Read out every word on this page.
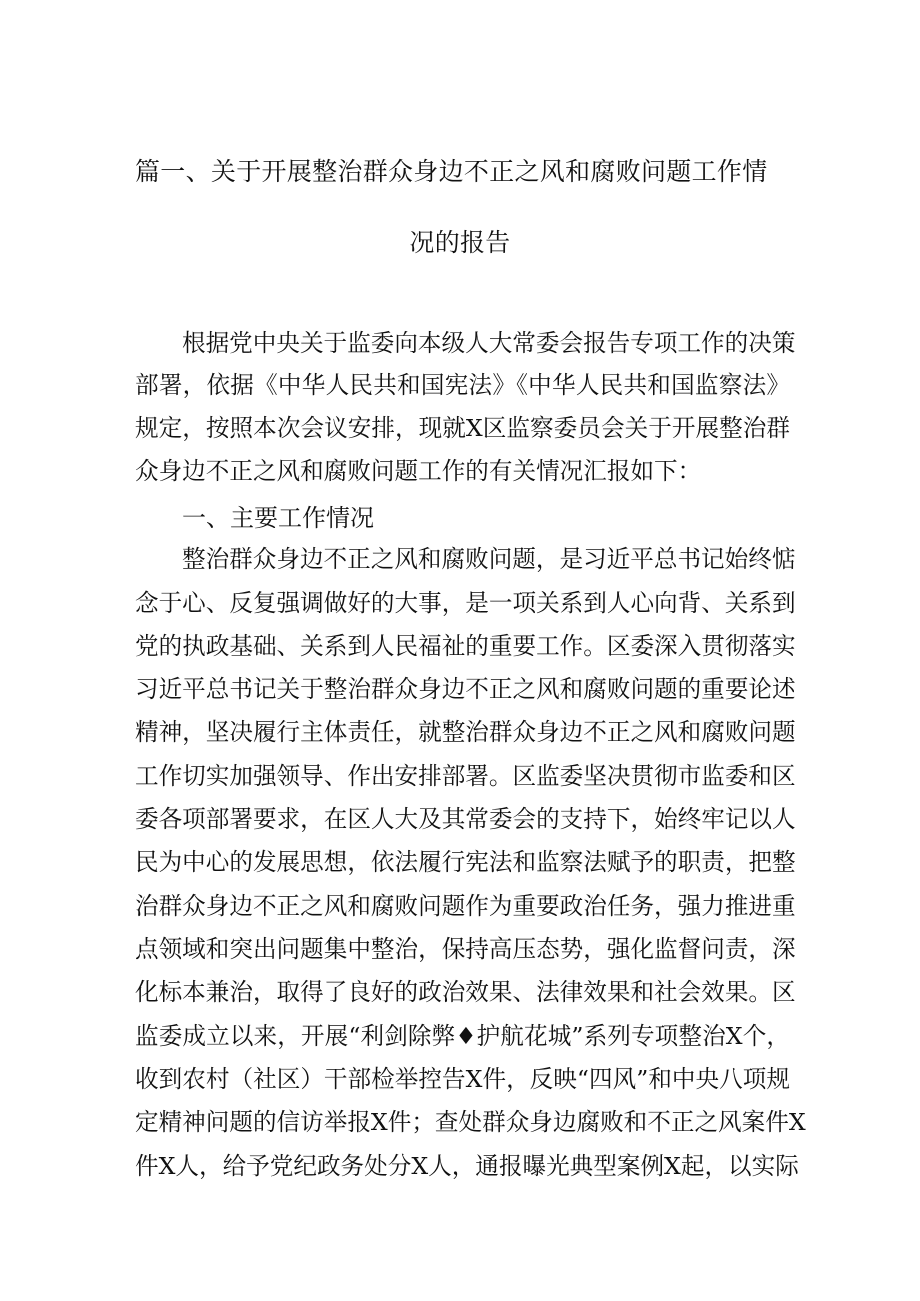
篇一、关于开展整治群众身边不正之风和腐败问题工作情
况的报告
根据党中央关于监委向本级人大常委会报告专项工作的决策
部署，依据《中华人民共和国宪法》《中华人民共和国监察法》
规定，按照本次会议安排，现就X区监察委员会关于开展整治群
众身边不正之风和腐败问题工作的有关情况汇报如下：
一、主要工作情况
整治群众身边不正之风和腐败问题，是习近平总书记始终惦
念于心、反复强调做好的大事，是一项关系到人心向背、关系到
党的执政基础、关系到人民福祉的重要工作。区委深入贯彻落实
习近平总书记关于整治群众身边不正之风和腐败问题的重要论述
精神，坚决履行主体责任，就整治群众身边不正之风和腐败问题
工作切实加强领导、作出安排部署。区监委坚决贯彻市监委和区
委各项部署要求，在区人大及其常委会的支持下，始终牢记以人
民为中心的发展思想，依法履行宪法和监察法赋予的职责，把整
治群众身边不正之风和腐败问题作为重要政治任务，强力推进重
点领域和突出问题集中整治，保持高压态势，强化监督问责，深
化标本兼治，取得了良好的政治效果、法律效果和社会效果。区
监委成立以来，开展“利剑除弊♦护航花城”系列专项整治X个，
收到农村（社区）干部检举控告X件，反映“四风”和中央八项规
定精神问题的信访举报X件；查处群众身边腐败和不正之风案件X
件X人，给予党纪政务处分X人，通报曝光典型案例X起，以实际
